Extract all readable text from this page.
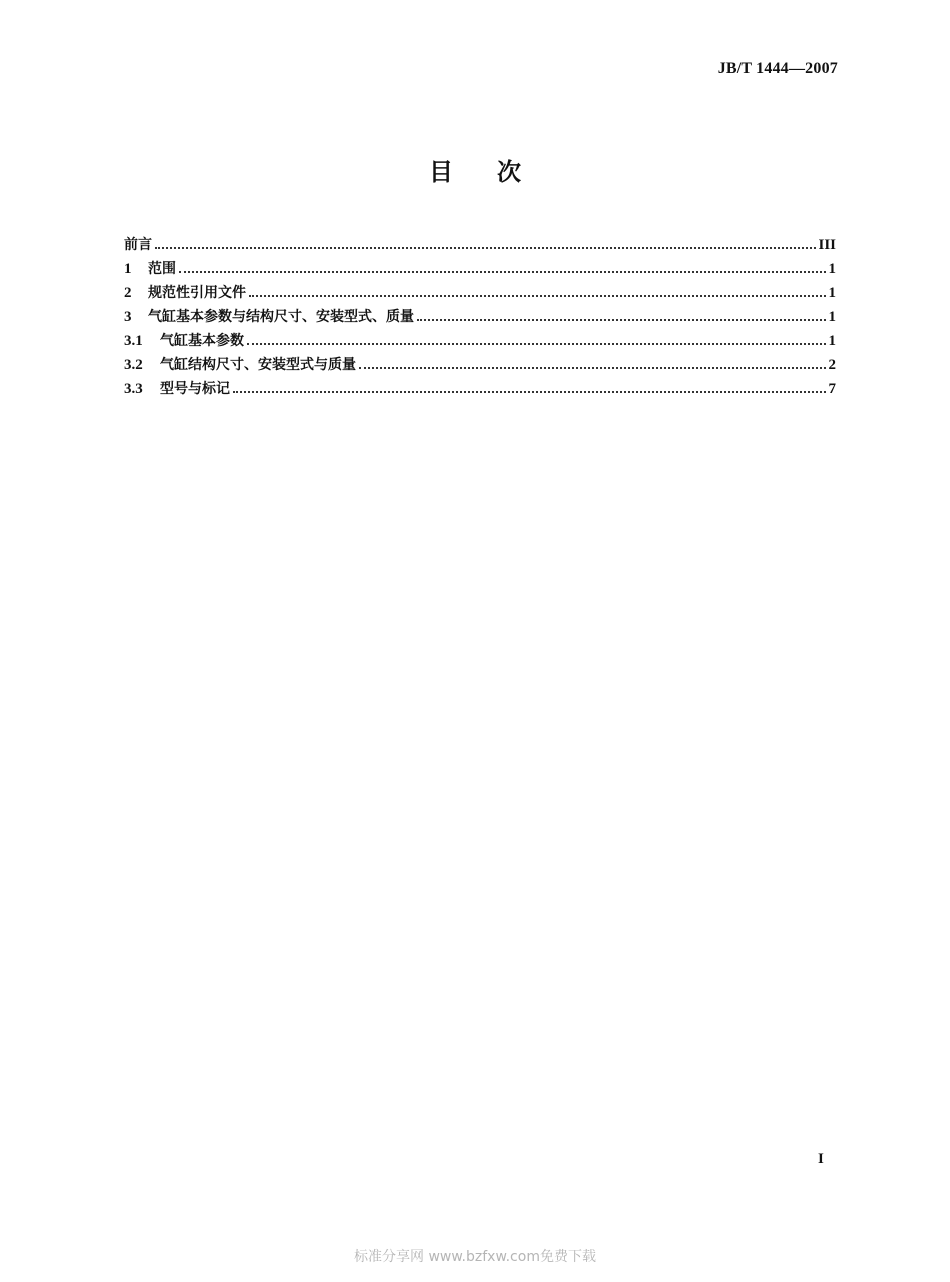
JB/T 1444—2007
目 次
前言	III
1	范围	1
2	规范性引用文件	1
3	气缸基本参数与结构尺寸、安装型式、质量	1
3.1	气缸基本参数	1
3.2	气缸结构尺寸、安装型式与质量	2
3.3	型号与标记	7
I
标准分享网 www.bzfxw.com免费下载
